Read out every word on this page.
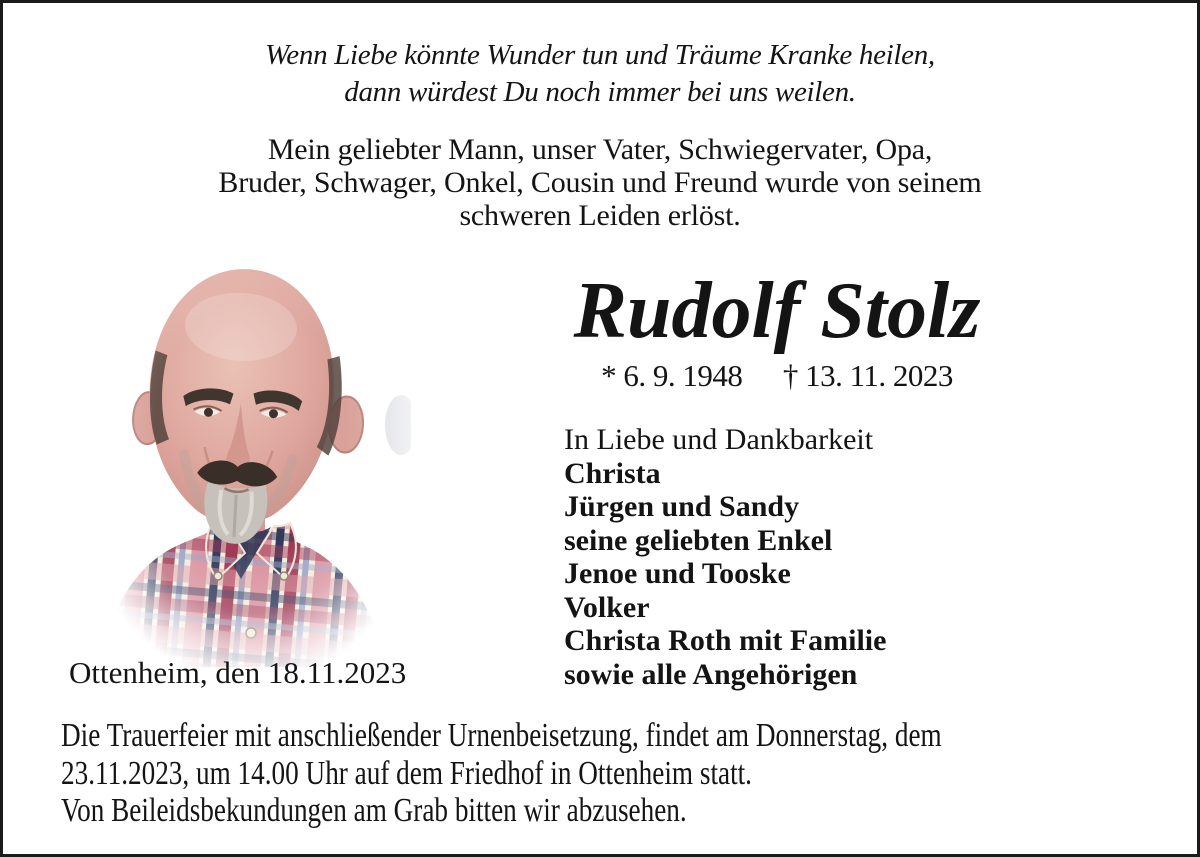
Wenn Liebe könnte Wunder tun und Träume Kranke heilen,
dann würdest Du noch immer bei uns weilen.
Mein geliebter Mann, unser Vater, Schwiegervater, Opa,
Bruder, Schwager, Onkel, Cousin und Freund wurde von seinem
schweren Leiden erlöst.
Rudolf Stolz
* 6. 9. 1948 † 13. 11. 2023
In Liebe und Dankbarkeit
Christa
Jürgen und Sandy
seine geliebten Enkel
Jenoe und Tooske
Volker
Christa Roth mit Familie
sowie alle Angehörigen
Ottenheim, den 18.11.2023
Die Trauerfeier mit anschließender Urnenbeisetzung, findet am Donnerstag, dem
23.11.2023, um 14.00 Uhr auf dem Friedhof in Ottenheim statt.
Von Beileidsbekundungen am Grab bitten wir abzusehen.
